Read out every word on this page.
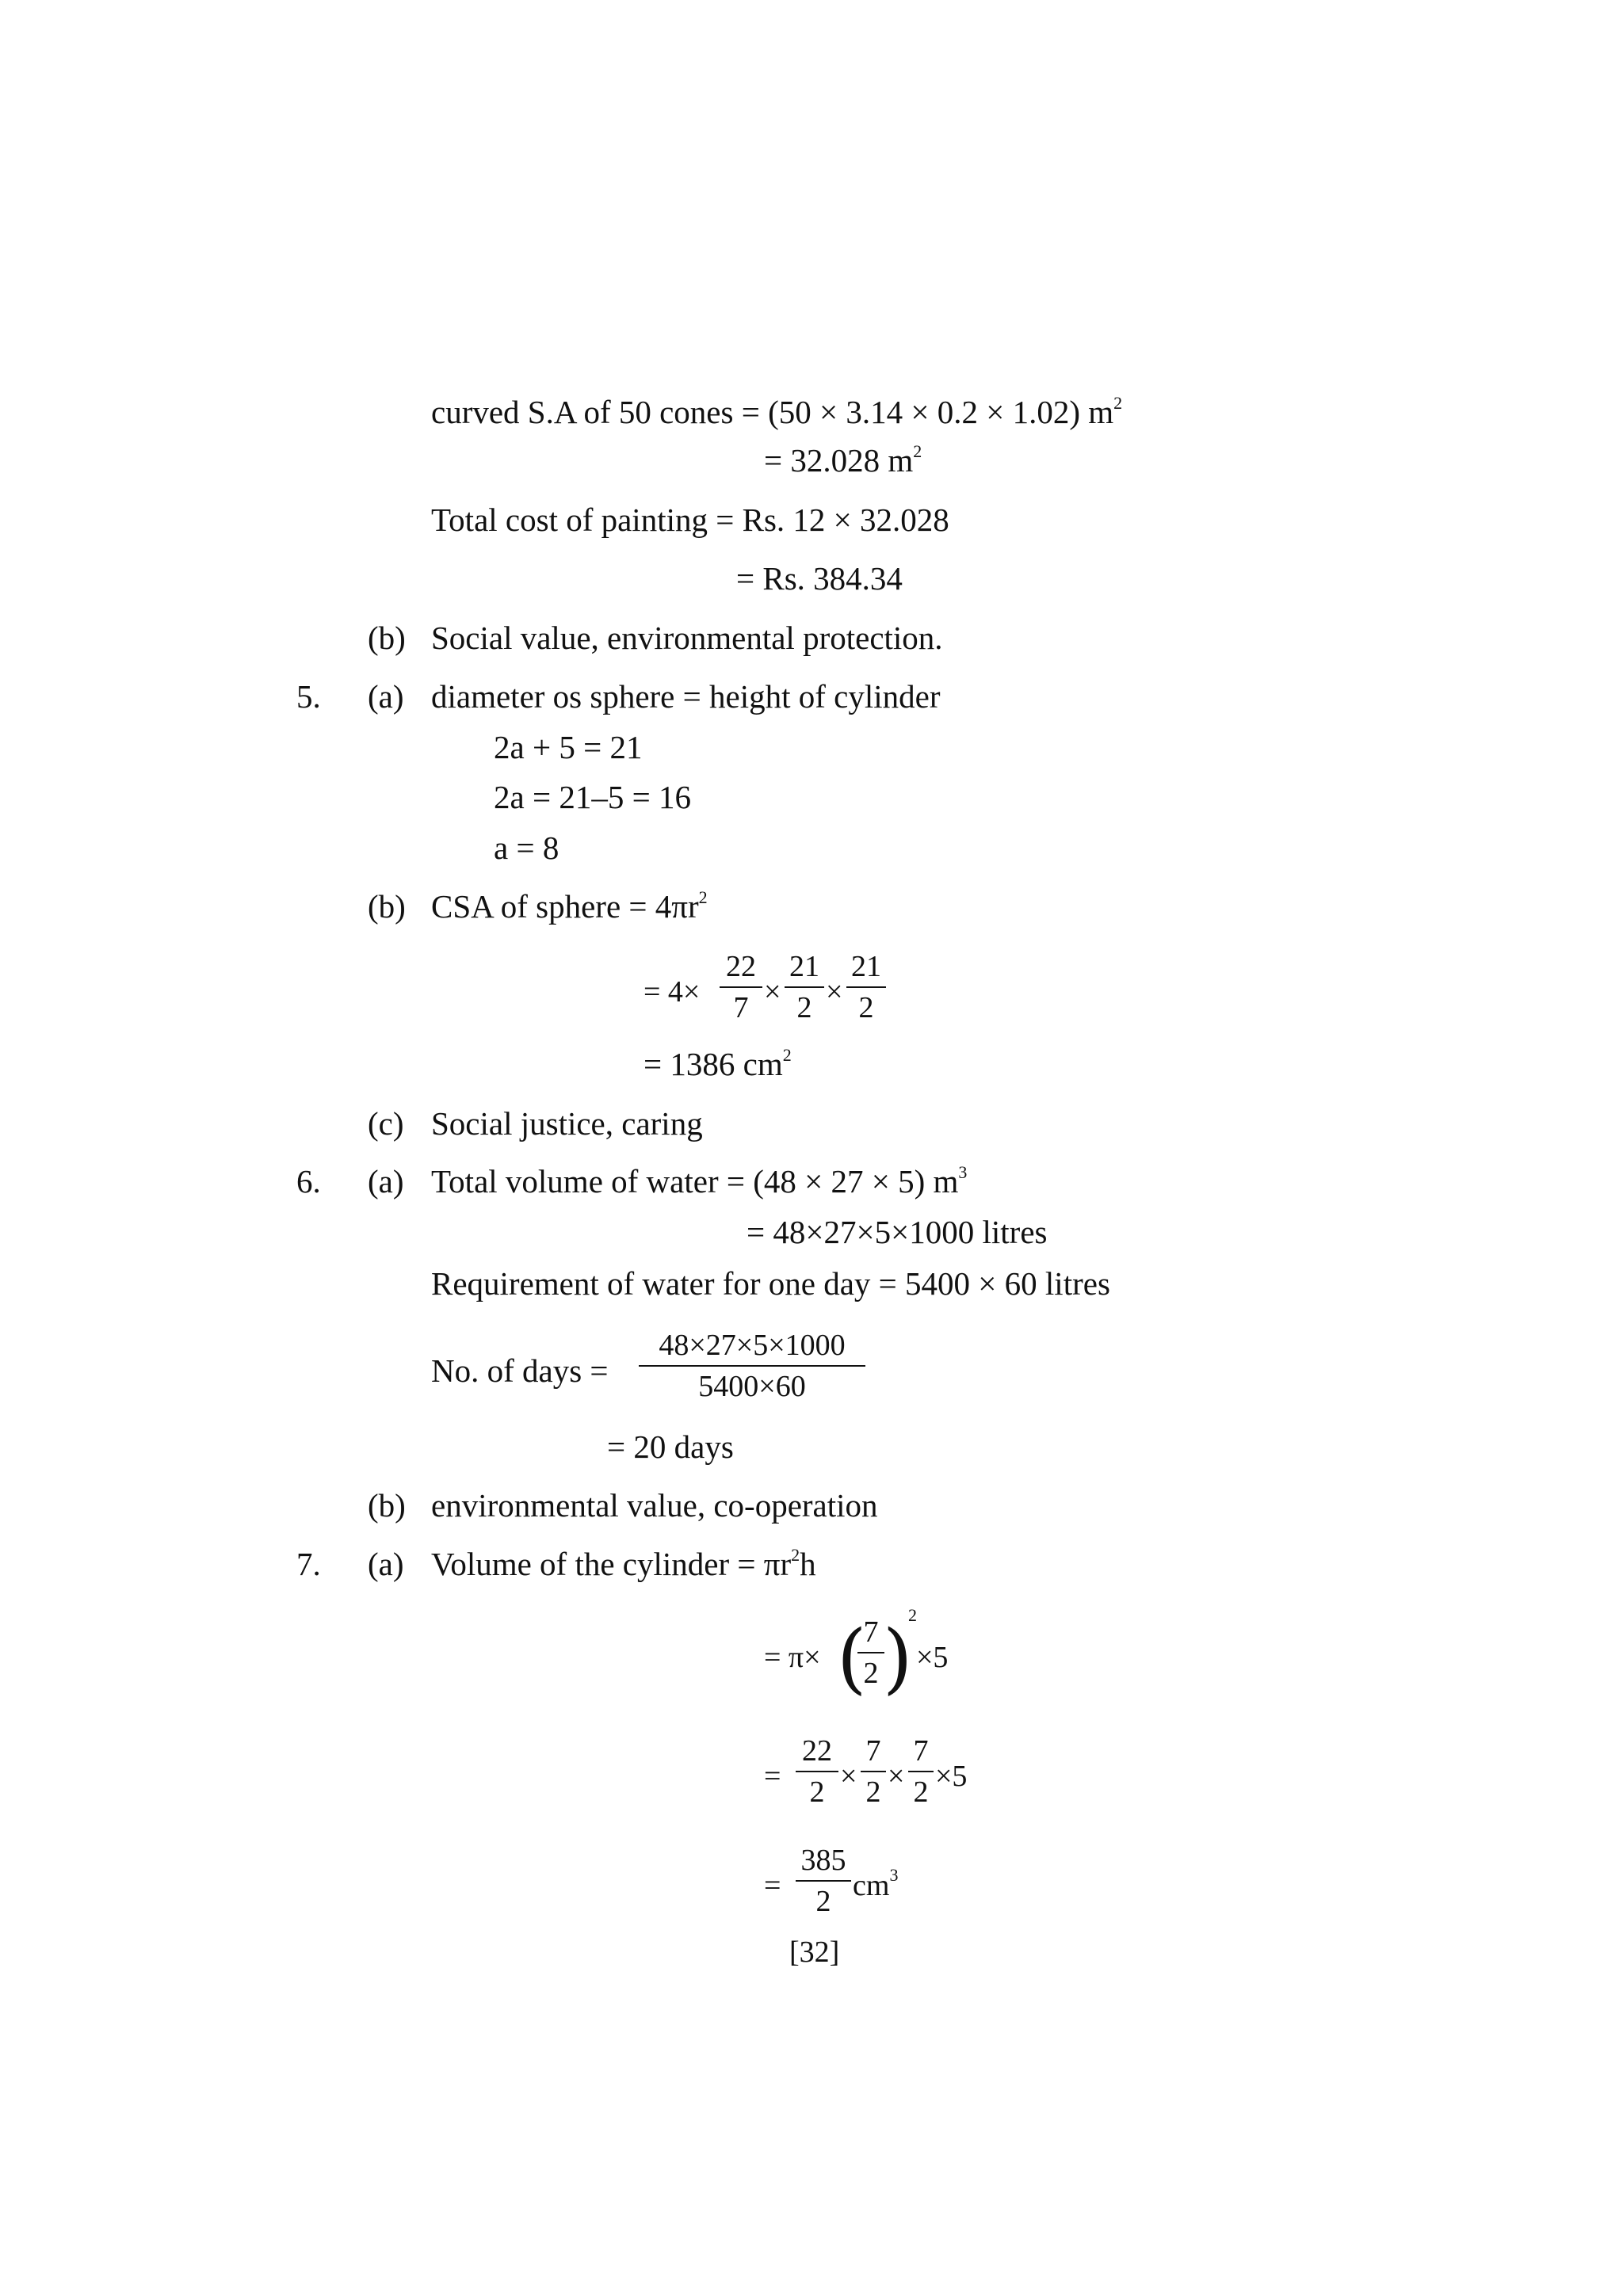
curved S.A of 50 cones = (50 × 3.14 × 0.2 × 1.02) $m^2$
= 32.028 $m^2$
Total cost of painting = Rs. 12 × 32.028
= Rs. 384.34
(b) Social value, environmental protection.
5. (a) diameter os sphere = height of cylinder
2a + 5 = 21
2a = 21–5 = 16
a = 8
(b) CSA of sphere = $4\pi r^2$
= 4×
22
7 ×
21
2 ×
21
2
= 1386 $cm^2$
(c) Social justice, caring
6. (a) Total volume of water = (48 × 27 × 5) $m^3$
= 48×27×5×1000 litres
Requirement of water for one day = 5400 × 60 litres
No. of days =
48×27×5×1000
5400×60
= 20 days
(b) environmental value, co-operation
7. (a) Volume of the cylinder = $\pi r^2h$
= π× (
7
2 )
2
×5
=
22
2 ×
7
2 ×
7
2 ×5
=
385
2 $cm^3$
[32]
